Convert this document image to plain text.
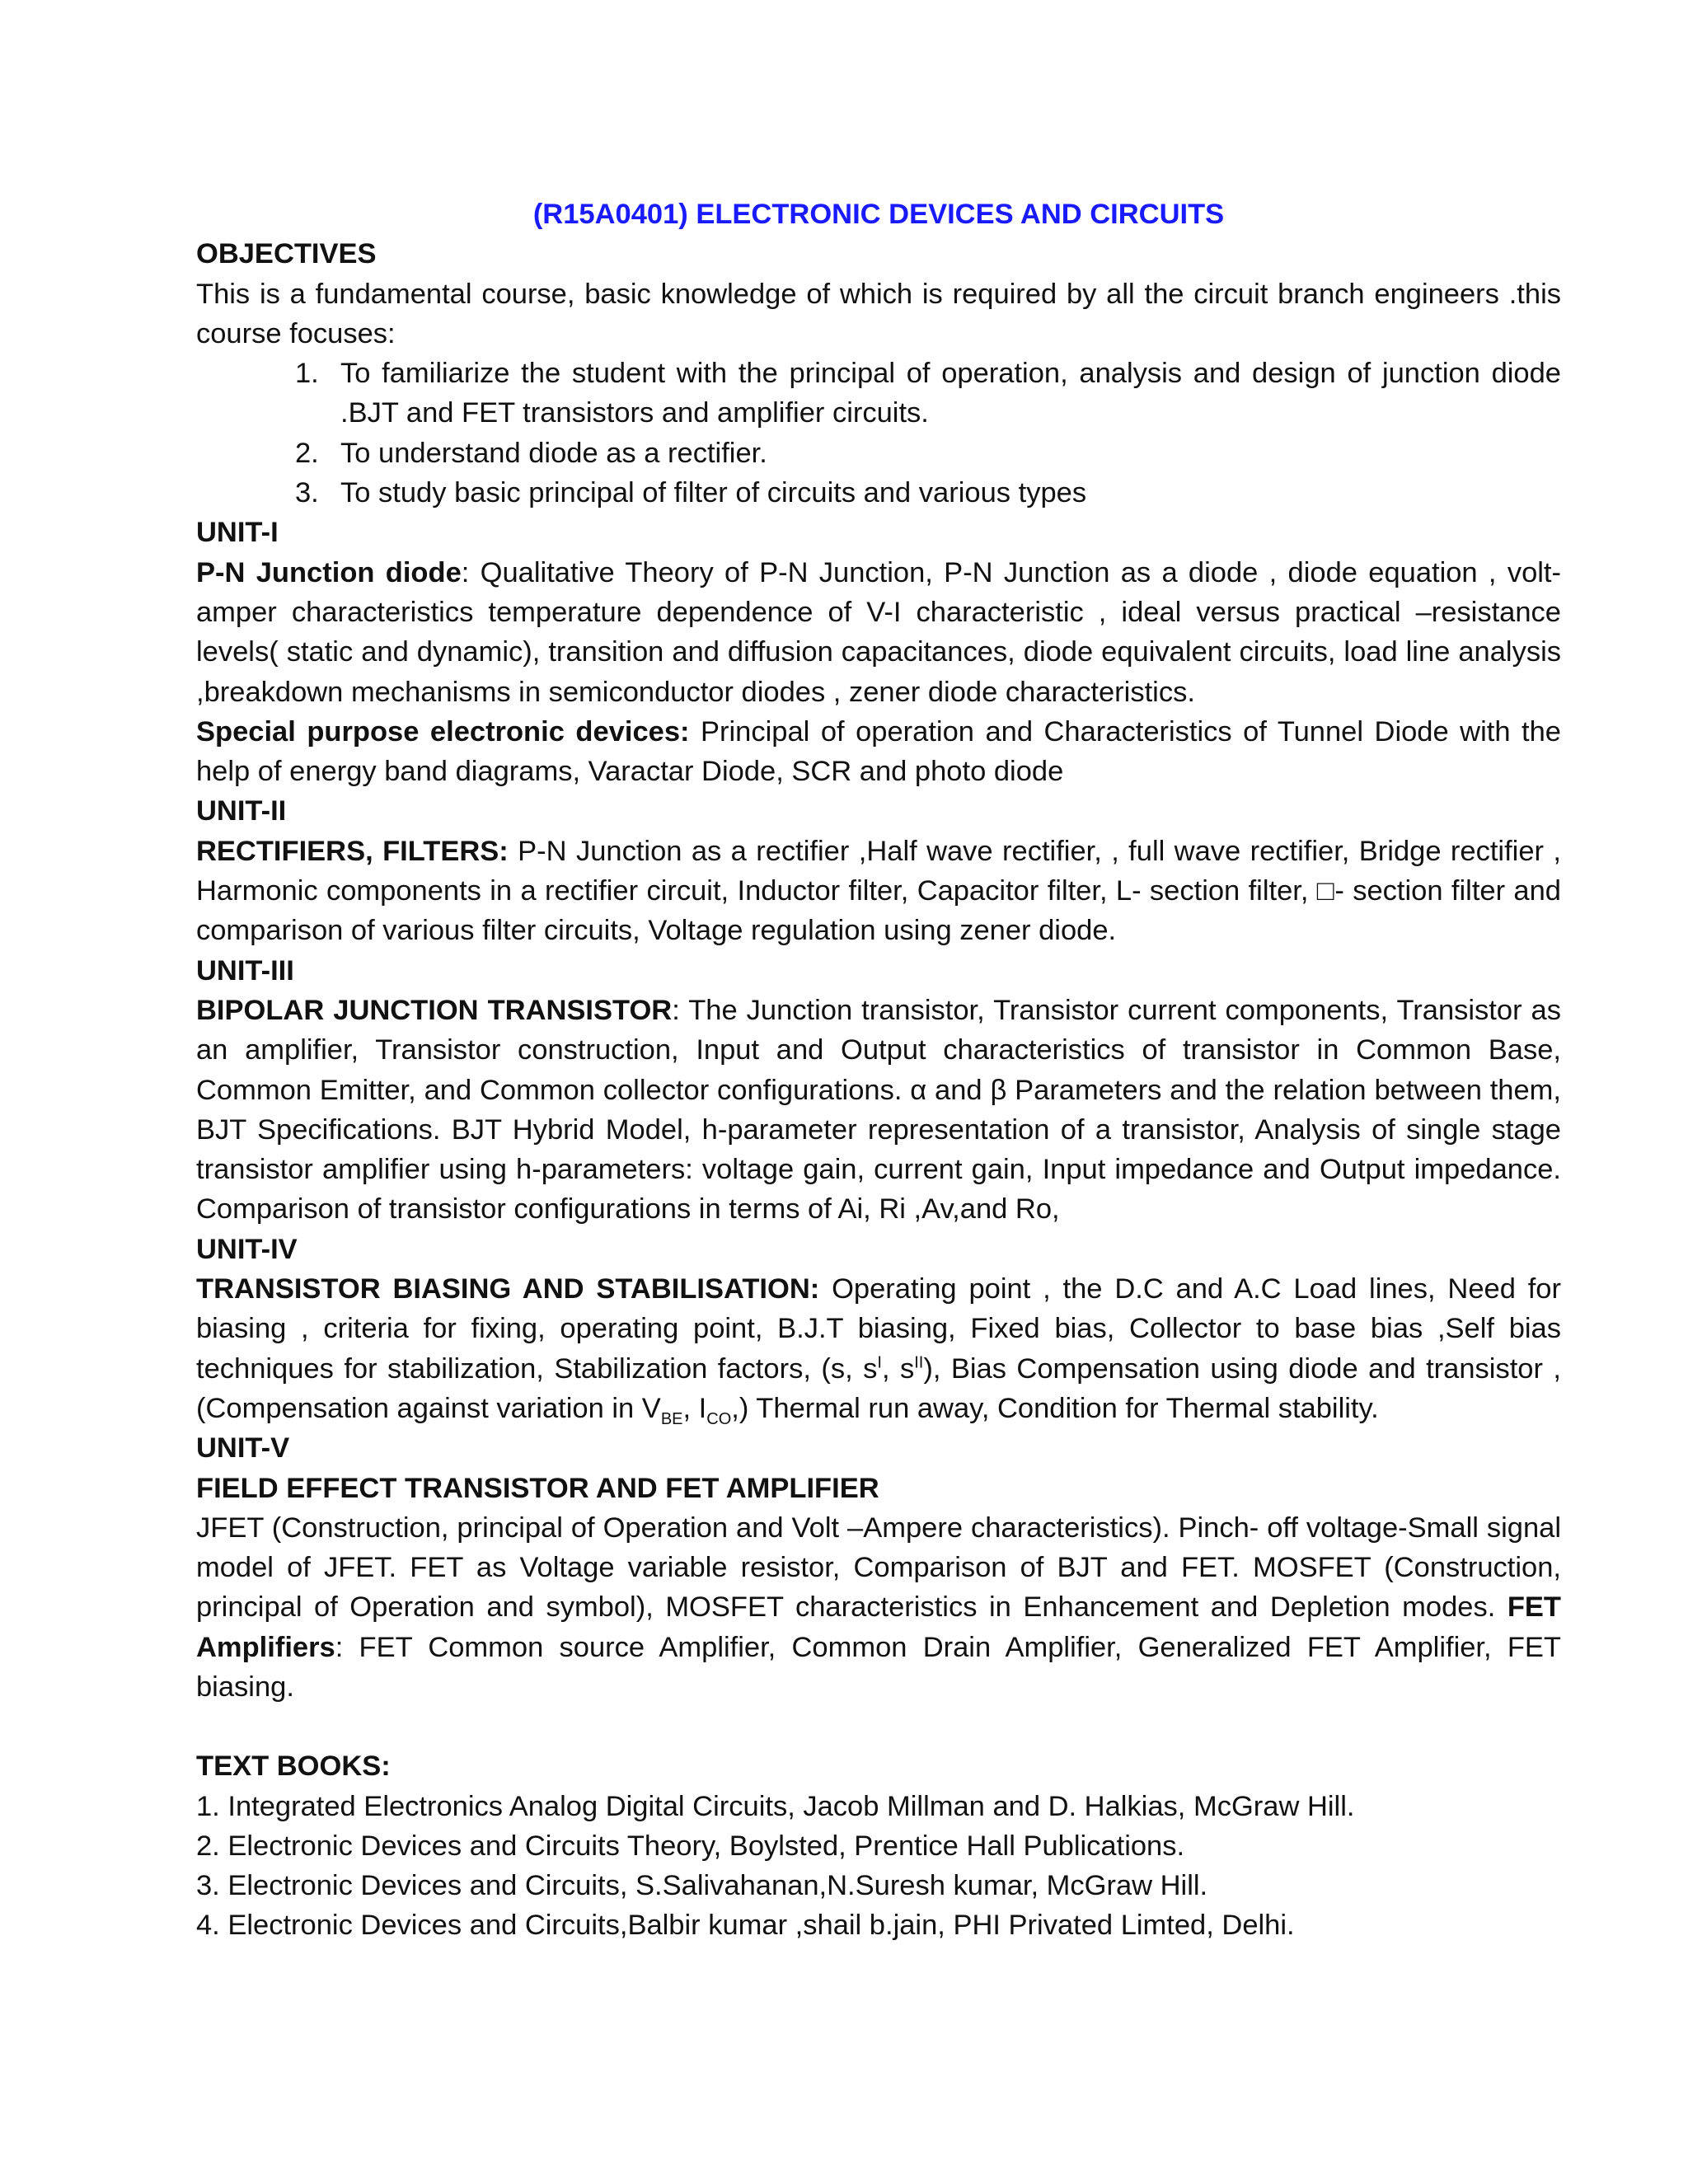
(R15A0401) ELECTRONIC DEVICES AND CIRCUITS
OBJECTIVES
This is a fundamental course, basic knowledge of which is required by all the circuit branch engineers .this course focuses:
1. To familiarize the student with the principal of operation, analysis and design of junction diode .BJT and FET transistors and amplifier circuits.
2. To understand diode as a rectifier.
3. To study basic principal of filter of circuits and various types
UNIT-I
P-N Junction diode: Qualitative Theory of P-N Junction, P-N Junction as a diode , diode equation , volt-amper characteristics temperature dependence of V-I characteristic , ideal versus practical –resistance levels( static and dynamic), transition and diffusion capacitances, diode equivalent circuits, load line analysis ,breakdown mechanisms in semiconductor diodes , zener diode characteristics.
Special purpose electronic devices: Principal of operation and Characteristics of Tunnel Diode with the help of energy band diagrams, Varactar Diode, SCR and photo diode
UNIT-II
RECTIFIERS, FILTERS: P-N Junction as a rectifier ,Half wave rectifier, , full wave rectifier, Bridge rectifier , Harmonic components in a rectifier circuit, Inductor filter, Capacitor filter, L- section filter, □- section filter and comparison of various filter circuits, Voltage regulation using zener diode.
UNIT-III
BIPOLAR JUNCTION TRANSISTOR: The Junction transistor, Transistor current components, Transistor as an amplifier, Transistor construction, Input and Output characteristics of transistor in Common Base, Common Emitter, and Common collector configurations. α and β Parameters and the relation between them, BJT Specifications. BJT Hybrid Model, h-parameter representation of a transistor, Analysis of single stage transistor amplifier using h-parameters: voltage gain, current gain, Input impedance and Output impedance. Comparison of transistor configurations in terms of Ai, Ri ,Av,and Ro,
UNIT-IV
TRANSISTOR BIASING AND STABILISATION: Operating point , the D.C and A.C Load lines, Need for biasing , criteria for fixing, operating point, B.J.T biasing, Fixed bias, Collector to base bias ,Self bias techniques for stabilization, Stabilization factors, (s, $s^I$, $s^{II}$), Bias Compensation using diode and transistor , (Compensation against variation in $V_{BE}$, $I_{CO}$,) Thermal run away, Condition for Thermal stability.
UNIT-V
FIELD EFFECT TRANSISTOR AND FET AMPLIFIER
JFET (Construction, principal of Operation and Volt –Ampere characteristics). Pinch- off voltage-Small signal model of JFET. FET as Voltage variable resistor, Comparison of BJT and FET. MOSFET (Construction, principal of Operation and symbol), MOSFET characteristics in Enhancement and Depletion modes. FET Amplifiers: FET Common source Amplifier, Common Drain Amplifier, Generalized FET Amplifier, FET biasing.
TEXT BOOKS:
1. Integrated Electronics Analog Digital Circuits, Jacob Millman and D. Halkias, McGraw Hill.
2. Electronic Devices and Circuits Theory, Boylsted, Prentice Hall Publications.
3. Electronic Devices and Circuits, S.Salivahanan,N.Suresh kumar, McGraw Hill.
4. Electronic Devices and Circuits,Balbir kumar ,shail b.jain, PHI Privated Limted, Delhi.
